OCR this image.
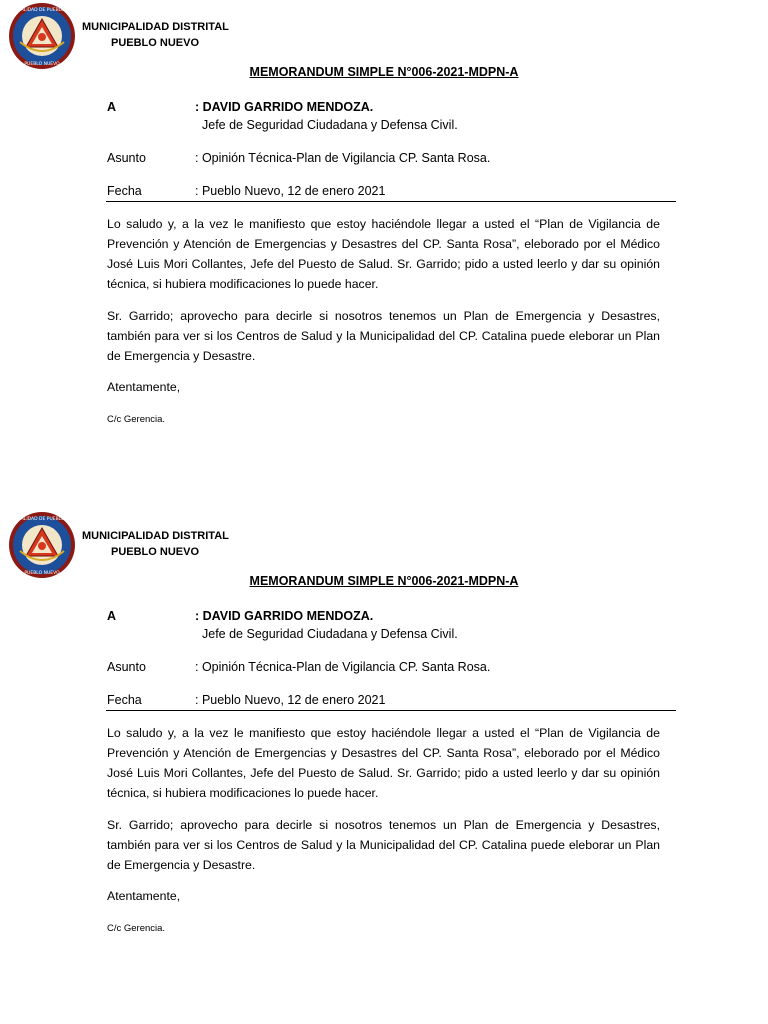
MUNICIPALIDAD DE PUEBLO NUEVO
PUEBLO NUEVO
MUNICIPALIDAD DISTRITAL
PUEBLO NUEVO
MEMORANDUM SIMPLE N°006-2021-MDPN-A
A	: DAVID GARRIDO MENDOZA.
Jefe de Seguridad Ciudadana y Defensa Civil.
Asunto	: Opinión Técnica-Plan de Vigilancia CP. Santa Rosa.
Fecha	: Pueblo Nuevo, 12 de enero 2021

Lo saludo y, a la vez le manifiesto que estoy haciéndole llegar a usted el “Plan de Vigilancia de Prevención y Atención de Emergencias y Desastres del CP. Santa Rosa”, eleborado por el Médico José Luis Mori Collantes, Jefe del Puesto de Salud. Sr. Garrido; pido a usted leerlo y dar su opinión técnica, si hubiera modificaciones lo puede hacer.

Sr. Garrido; aprovecho para decirle si nosotros tenemos un Plan de Emergencia y Desastres, también para ver si los Centros de Salud y la Municipalidad del CP. Catalina puede eleborar un Plan de Emergencia y Desastre.

Atentamente,
C/c Gerencia.
MUNICIPALIDAD DE PUEBLO NUEVO
PUEBLO NUEVO
MUNICIPALIDAD DISTRITAL
PUEBLO NUEVO
MEMORANDUM SIMPLE N°006-2021-MDPN-A
A	: DAVID GARRIDO MENDOZA.
Jefe de Seguridad Ciudadana y Defensa Civil.
Asunto	: Opinión Técnica-Plan de Vigilancia CP. Santa Rosa.
Fecha	: Pueblo Nuevo, 12 de enero 2021

Lo saludo y, a la vez le manifiesto que estoy haciéndole llegar a usted el “Plan de Vigilancia de Prevención y Atención de Emergencias y Desastres del CP. Santa Rosa”, eleborado por el Médico José Luis Mori Collantes, Jefe del Puesto de Salud. Sr. Garrido; pido a usted leerlo y dar su opinión técnica, si hubiera modificaciones lo puede hacer.

Sr. Garrido; aprovecho para decirle si nosotros tenemos un Plan de Emergencia y Desastres, también para ver si los Centros de Salud y la Municipalidad del CP. Catalina puede eleborar un Plan de Emergencia y Desastre.

Atentamente,
C/c Gerencia.
